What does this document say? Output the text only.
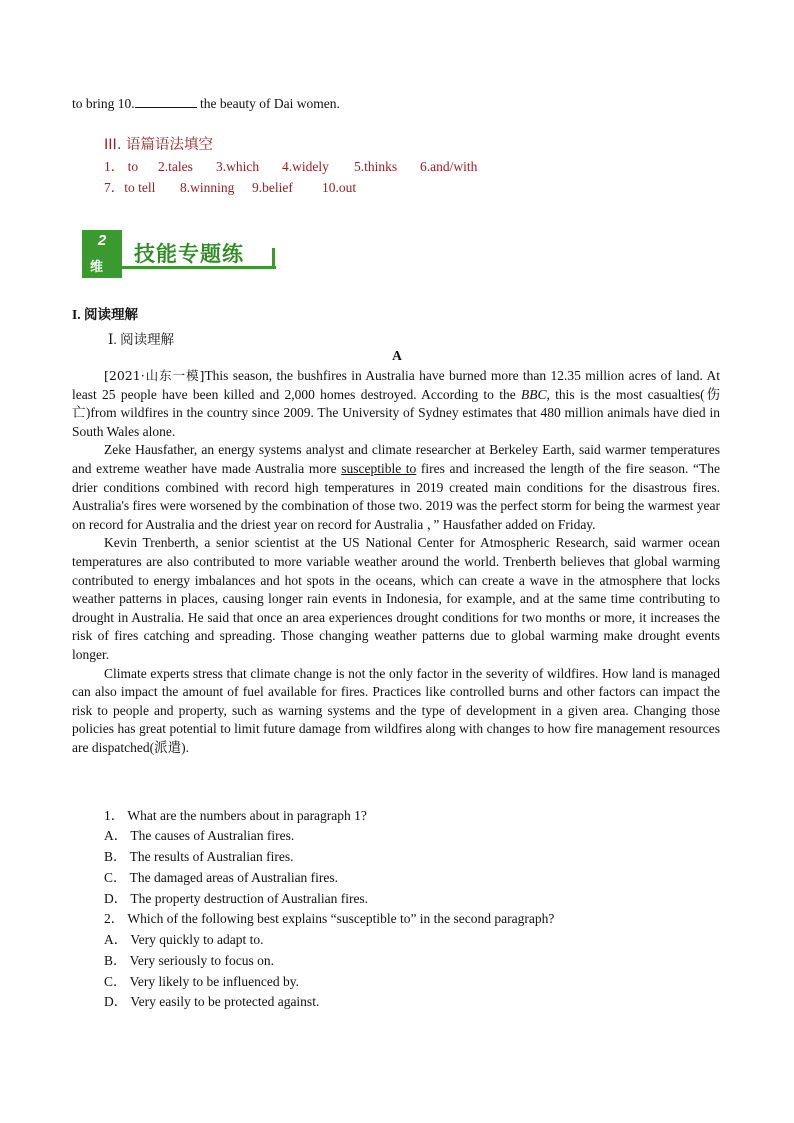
to bring 10.	the beauty of Dai women.
III. 语篇语法填空
1． to 2.tales 3.which 4.widely 5.thinks 6.and/with
7．to tell 8.winning 9.belief 10.out
2
维
技能专题练
I. 阅读理解
Ⅰ. 阅读理解
A

[2021·山东一模]This season, the bushfires in Australia have burned more than 12.35 million acres of land. At least 25 people have been killed and 2,000 homes destroyed. According to the BBC, this is the most casualties(伤亡)from wildfires in the country since 2009. The University of Sydney estimates that 480 million animals have died in South Wales alone.

Zeke Hausfather, an energy systems analyst and climate researcher at Berkeley Earth, said warmer temperatures and extreme weather have made Australia more susceptible to fires and increased the length of the fire season. “The drier conditions combined with record high temperatures in 2019 created main conditions for the disastrous fires. Australia's fires were worsened by the combination of those two. 2019 was the perfect storm for being the warmest year on record for Australia and the driest year on record for Australia ，” Hausfather added on Friday.

Kevin Trenberth, a senior scientist at the US National Center for Atmospheric Research, said warmer ocean temperatures are also contributed to more variable weather around the world. Trenberth believes that global warming contributed to energy imbalances and hot spots in the oceans, which can create a wave in the atmosphere that locks weather patterns in places, causing longer rain events in Indonesia, for example, and at the same time contributing to drought in Australia. He said that once an area experiences drought conditions for two months or more, it increases the risk of fires catching and spreading. Those changing weather patterns due to global warming make drought events longer.

Climate experts stress that climate change is not the only factor in the severity of wildfires. How land is managed can also impact the amount of fuel available for fires. Practices like controlled burns and other factors can impact the risk to people and property, such as warning systems and the type of development in a given area. Changing those policies has great potential to limit future damage from wildfires along with changes to how fire management resources are dispatched(派遣).

1． What are the numbers about in paragraph 1?
A． The causes of Australian fires.
B． The results of Australian fires.
C． The damaged areas of Australian fires.
D． The property destruction of Australian fires.
2． Which of the following best explains “susceptible to” in the second paragraph?
A． Very quickly to adapt to.
B． Very seriously to focus on.
C． Very likely to be influenced by.
D． Very easily to be protected against.
